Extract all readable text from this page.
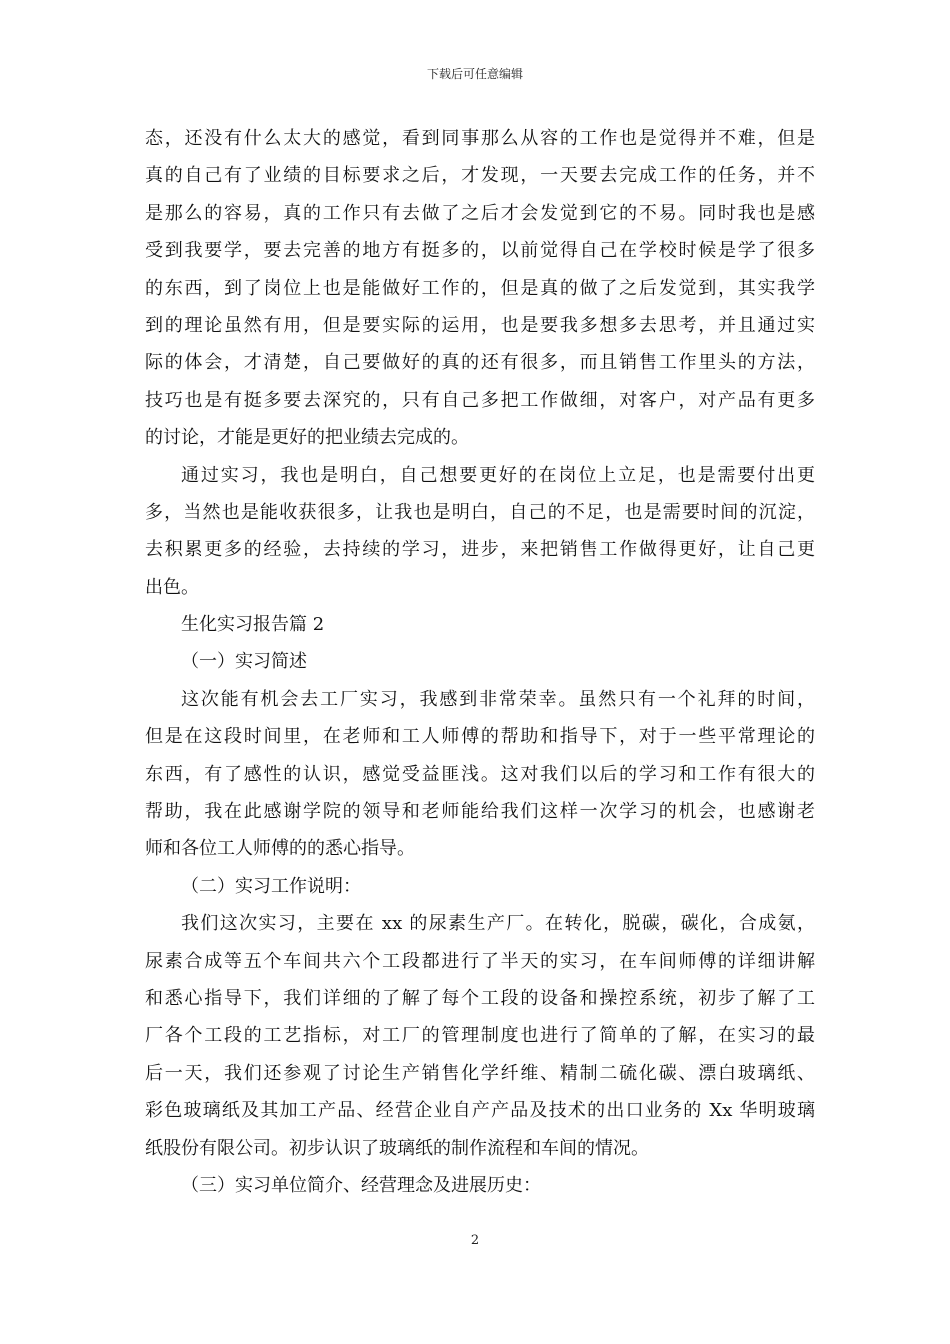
下载后可任意编辑
态，还没有什么太大的感觉，看到同事那么从容的工作也是觉得并不难，但是
真的自己有了业绩的目标要求之后，才发现，一天要去完成工作的任务，并不
是那么的容易，真的工作只有去做了之后才会发觉到它的不易。同时我也是感
受到我要学，要去完善的地方有挺多的，以前觉得自己在学校时候是学了很多
的东西，到了岗位上也是能做好工作的，但是真的做了之后发觉到，其实我学
到的理论虽然有用，但是要实际的运用，也是要我多想多去思考，并且通过实
际的体会，才清楚，自己要做好的真的还有很多，而且销售工作里头的方法，
技巧也是有挺多要去深究的，只有自己多把工作做细，对客户，对产品有更多
的讨论，才能是更好的把业绩去完成的。
通过实习，我也是明白，自己想要更好的在岗位上立足，也是需要付出更
多，当然也是能收获很多，让我也是明白，自己的不足，也是需要时间的沉淀，
去积累更多的经验，去持续的学习，进步，来把销售工作做得更好，让自己更
出色。
生化实习报告篇 2
（一）实习简述
这次能有机会去工厂实习，我感到非常荣幸。虽然只有一个礼拜的时间，
但是在这段时间里，在老师和工人师傅的帮助和指导下，对于一些平常理论的
东西，有了感性的认识，感觉受益匪浅。这对我们以后的学习和工作有很大的
帮助，我在此感谢学院的领导和老师能给我们这样一次学习的机会，也感谢老
师和各位工人师傅的的悉心指导。
（二）实习工作说明：
我们这次实习，主要在 xx 的尿素生产厂。在转化，脱碳，碳化，合成氨，
尿素合成等五个车间共六个工段都进行了半天的实习，在车间师傅的详细讲解
和悉心指导下，我们详细的了解了每个工段的设备和操控系统，初步了解了工
厂各个工段的工艺指标，对工厂的管理制度也进行了简单的了解，在实习的最
后一天，我们还参观了讨论生产销售化学纤维、精制二硫化碳、漂白玻璃纸、
彩色玻璃纸及其加工产品、经营企业自产产品及技术的出口业务的 Xx 华明玻璃
纸股份有限公司。初步认识了玻璃纸的制作流程和车间的情况。
（三）实习单位简介、经营理念及进展历史：
2
